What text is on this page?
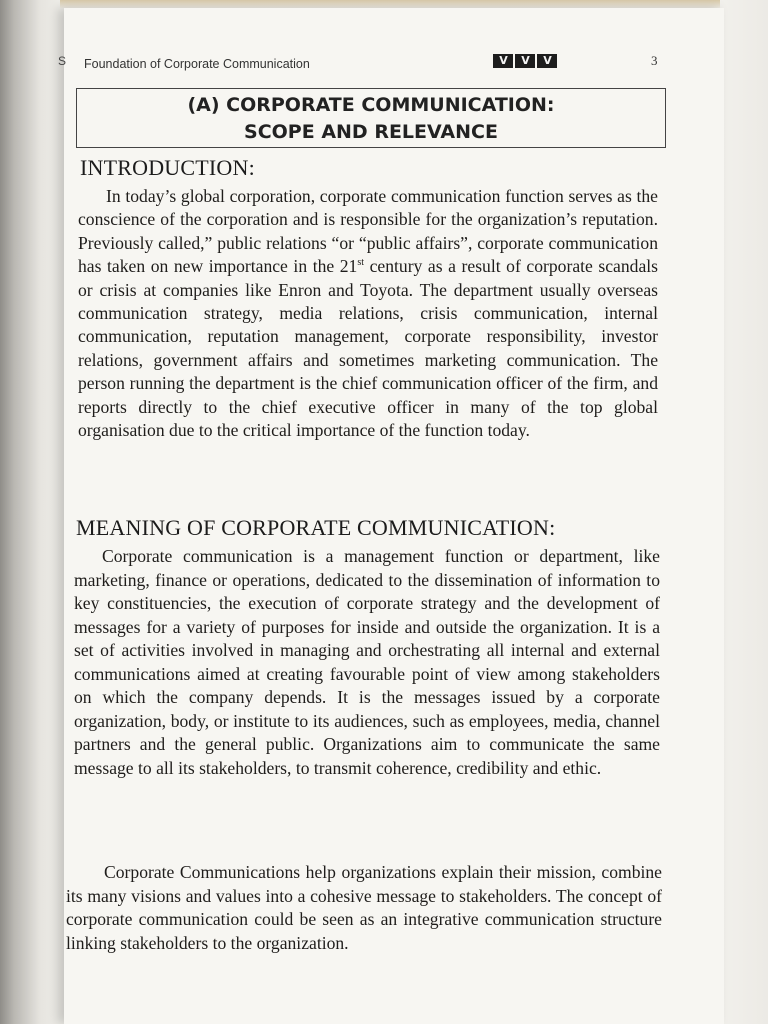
S Foundation of Corporate Communication	V	V	V	3
(A) CORPORATE COMMUNICATION:
SCOPE AND RELEVANCE
INTRODUCTION:
In today’s global corporation, corporate communication function serves as the conscience of the corporation and is responsible for the organization’s reputation. Previously called,” public relations “or “public affairs”, corporate communication has taken on new importance in the 21st century as a result of corporate scandals or crisis at companies like Enron and Toyota. The department usually overseas communication strategy, media relations, crisis communication, internal communication, reputation management, corporate responsibility, investor relations, government affairs and sometimes marketing communication. The person running the department is the chief communication officer of the firm, and reports directly to the chief executive officer in many of the top global organisation due to the critical importance of the function today.
MEANING OF CORPORATE COMMUNICATION:
Corporate communication is a management function or department, like marketing, finance or operations, dedicated to the dissemination of information to key constituencies, the execution of corporate strategy and the development of messages for a variety of purposes for inside and outside the organization. It is a set of activities involved in managing and orchestrating all internal and external communications aimed at creating favourable point of view among stakeholders on which the company depends. It is the messages issued by a corporate organization, body, or institute to its audiences, such as employees, media, channel partners and the general public. Organizations aim to communicate the same message to all its stakeholders, to transmit coherence, credibility and ethic.
Corporate Communications help organizations explain their mission, combine its many visions and values into a cohesive message to stakeholders. The concept of corporate communication could be seen as an integrative communication structure linking stakeholders to the organization.
